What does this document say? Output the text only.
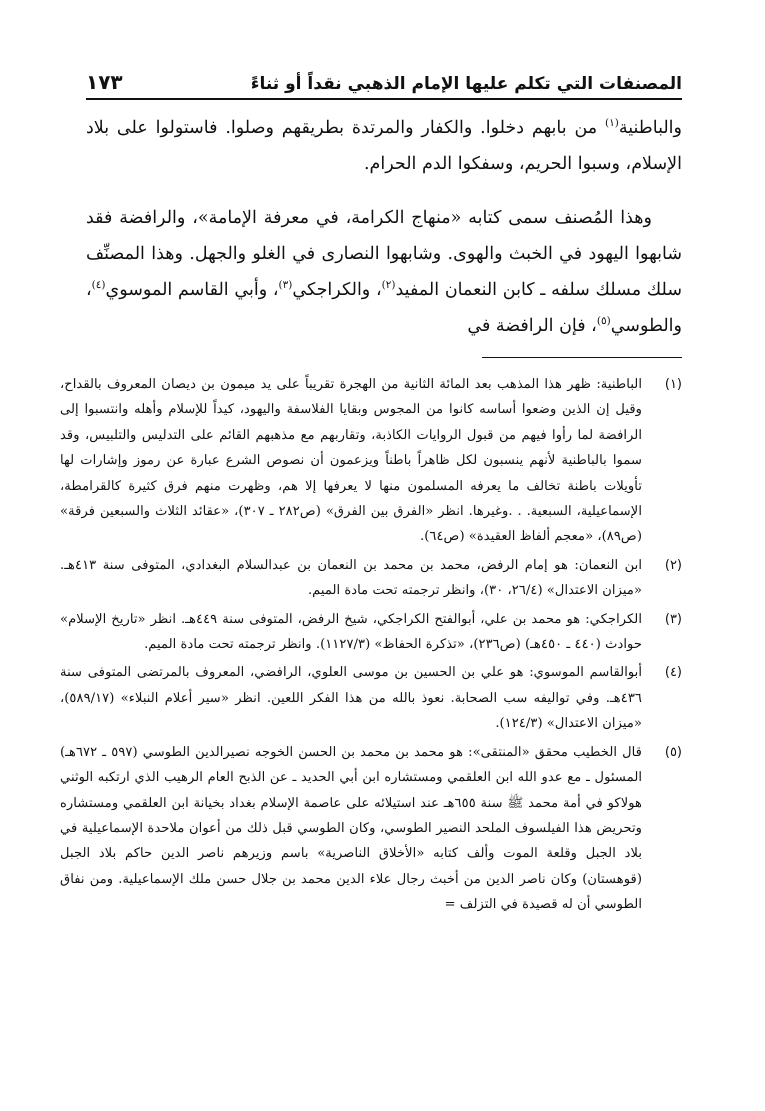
المصنفات التي تكلم عليها الإمام الذهبي نقداً أو ثناءً
١٧٣

والباطنية$^{(١)}$ من بابهم دخلوا. والكفار والمرتدة بطريقهم وصلوا. فاستولوا على بلاد الإسلام، وسبوا الحريم، وسفكوا الدم الحرام.

وهذا المُصنف سمى كتابه «منهاج الكرامة، في معرفة الإمامة»، والرافضة فقد شابهوا اليهود في الخبث والهوى. وشابهوا النصارى في الغلو والجهل. وهذا المصنِّف سلك مسلك سلفه ـ كابن النعمان المفيد$^{(٢)}$، والكراجكي$^{(٣)}$، وأبي القاسم الموسوي$^{(٤)}$، والطوسي$^{(٥)}$، فإن الرافضة في

(١)
الباطنية: ظهر هذا المذهب بعد المائة الثانية من الهجرة تقريباً على يد ميمون بن ديصان المعروف بالقداح، وقيل إن الذين وضعوا أساسه كانوا من المجوس وبقايا الفلاسفة واليهود، كيداً للإسلام وأهله وانتسبوا إلى الرافضة لما رأوا فيهم من قبول الروايات الكاذبة، وتقاربهم مع مذهبهم القائم على التدليس والتلبيس، وقد سموا بالباطنية لأنهم ينسبون لكل ظاهراً باطناً ويزعمون أن نصوص الشرع عبارة عن رموز وإشارات لها تأويلات باطنة تخالف ما يعرفه المسلمون منها لا يعرفها إلا هم، وظهرت منهم فرق كثيرة كالقرامطة، الإسماعيلية، السبعية. . .وغيرها. انظر «الفرق بين الفرق» (ص٢٨٢ ـ ٣٠٧)، «عقائد الثلاث والسبعين فرقة» (ص٨٩)، «معجم ألفاظ العقيدة» (ص٦٤).
(٢)
ابن النعمان: هو إمام الرفض، محمد بن محمد بن النعمان بن عبدالسلام البغدادي، المتوفى سنة ٤١٣هـ. «ميزان الاعتدال» (٢٦/٤، ٣٠)، وانظر ترجمته تحت مادة الميم.
(٣)
الكراجكي: هو محمد بن علي، أبوالفتح الكراجكي، شيخ الرفض، المتوفى سنة ٤٤٩هـ. انظر «تاريخ الإسلام» حوادث (٤٤٠ ـ ٤٥٠هـ) (ص٢٣٦)، «تذكرة الحفاظ» (١١٢٧/٣). وانظر ترجمته تحت مادة الميم.
(٤)
أبوالقاسم الموسوي: هو علي بن الحسين بن موسى العلوي، الرافضي، المعروف بالمرتضى المتوفى سنة ٤٣٦هـ. وفي تواليفه سب الصحابة. نعوذ بالله من هذا الفكر اللعين. انظر «سير أعلام النبلاء» (٥٨٩/١٧)، «ميزان الاعتدال» (١٢٤/٣).
(٥)
قال الخطيب محقق «المنتقى»: هو محمد بن محمد بن الحسن الخوجه نصيرالدين الطوسي (٥٩٧ ـ ٦٧٢هـ) المسئول ـ مع عدو الله ابن العلقمي ومستشاره ابن أبي الحديد ـ عن الذبح العام الرهيب الذي ارتكبه الوثني هولاكو في أمة محمد ﷺ سنة ٦٥٥هـ عند استيلائه على عاصمة الإسلام بغداد بخيانة ابن العلقمي ومستشاره وتحريض هذا الفيلسوف الملحد النصير الطوسي، وكان الطوسي قبل ذلك من أعوان ملاحدة الإسماعيلية في بلاد الجبل وقلعة الموت وألف كتابه «الأخلاق الناصرية» باسم وزيرهم ناصر الدين حاكم بلاد الجبل (قوهستان) وكان ناصر الدين من أخبث رجال علاء الدين محمد بن جلال حسن ملك الإسماعيلية. ومن نفاق الطوسي أن له قصيدة في التزلف =
